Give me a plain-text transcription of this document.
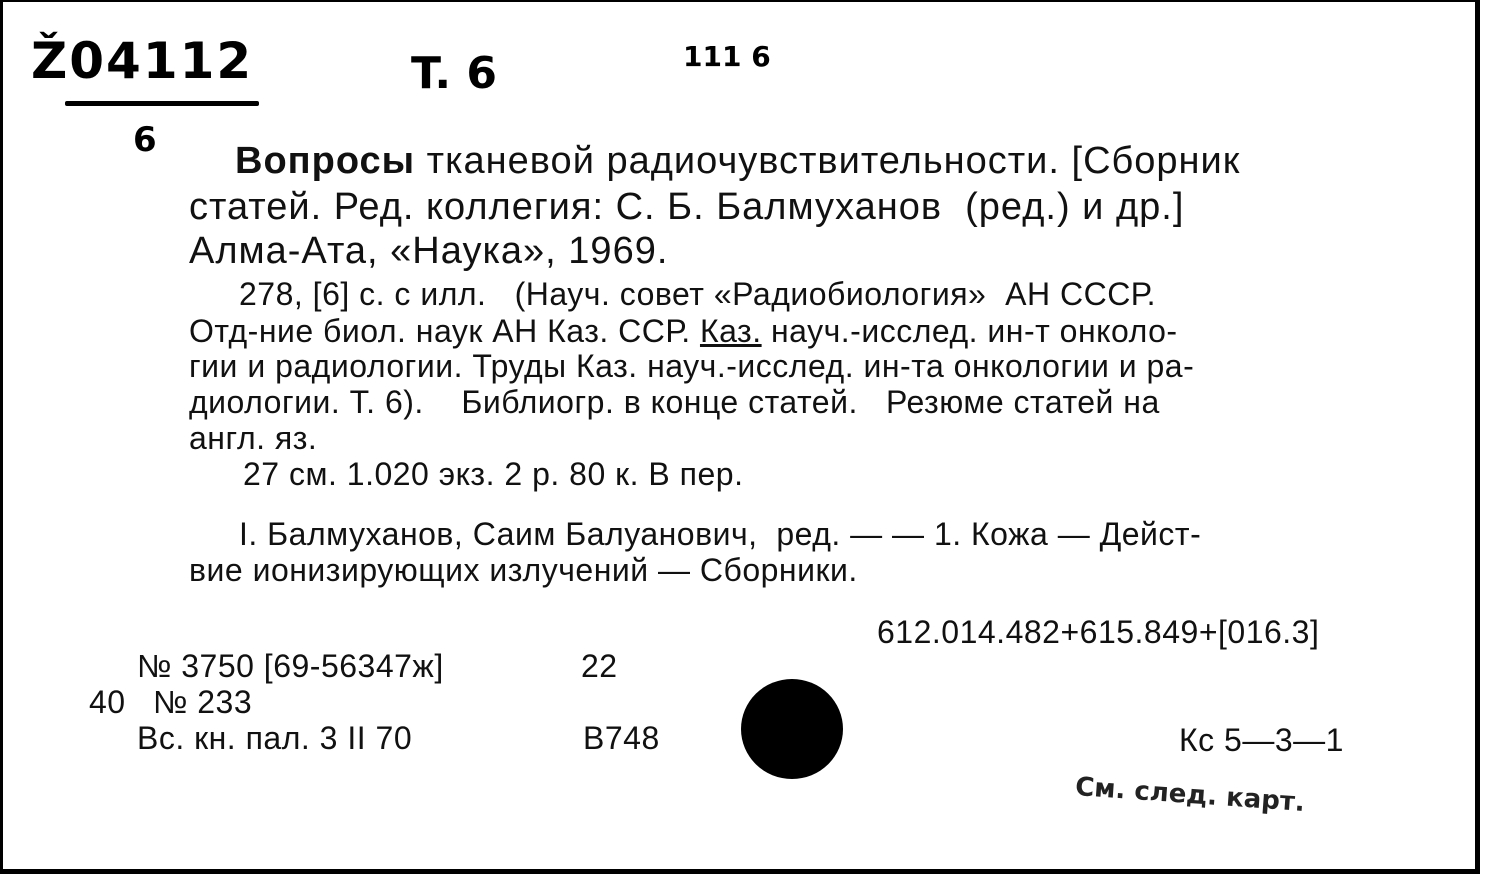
Ž04112	T. 6	111 6
6 Вопросы тканевой радиочувствительности. [Сборник
статей. Ред. коллегия: С. Б. Балмуханов  (ред.) и др.]
Алма-Ата, «Наука», 1969.
278, [6] с. с илл.   (Науч. совет «Радиобиология»  АН СССР.
Отд-ние биол. наук АН Каз. ССР. Каз. науч.-исслед. ин-т онколо-
гии и радиологии. Труды Каз. науч.-исслед. ин-та онкологии и ра-
диологии. Т. 6).    Библиогр. в конце статей.   Резюме статей на
англ. яз.
27 см. 1.020 экз. 2 р. 80 к. В пер.
I. Балмуханов, Саим Балуанович,  ред. — — 1. Кожа — Дейст-
вие ионизирующих излучений — Сборники.
612.014.482+615.849+[016.3]
№ 3750 [69-56347ж]	22
40 № 233
Вс. кн. пал. 3 II 70	B748	Кс 5—3—1
См. след. карт.
